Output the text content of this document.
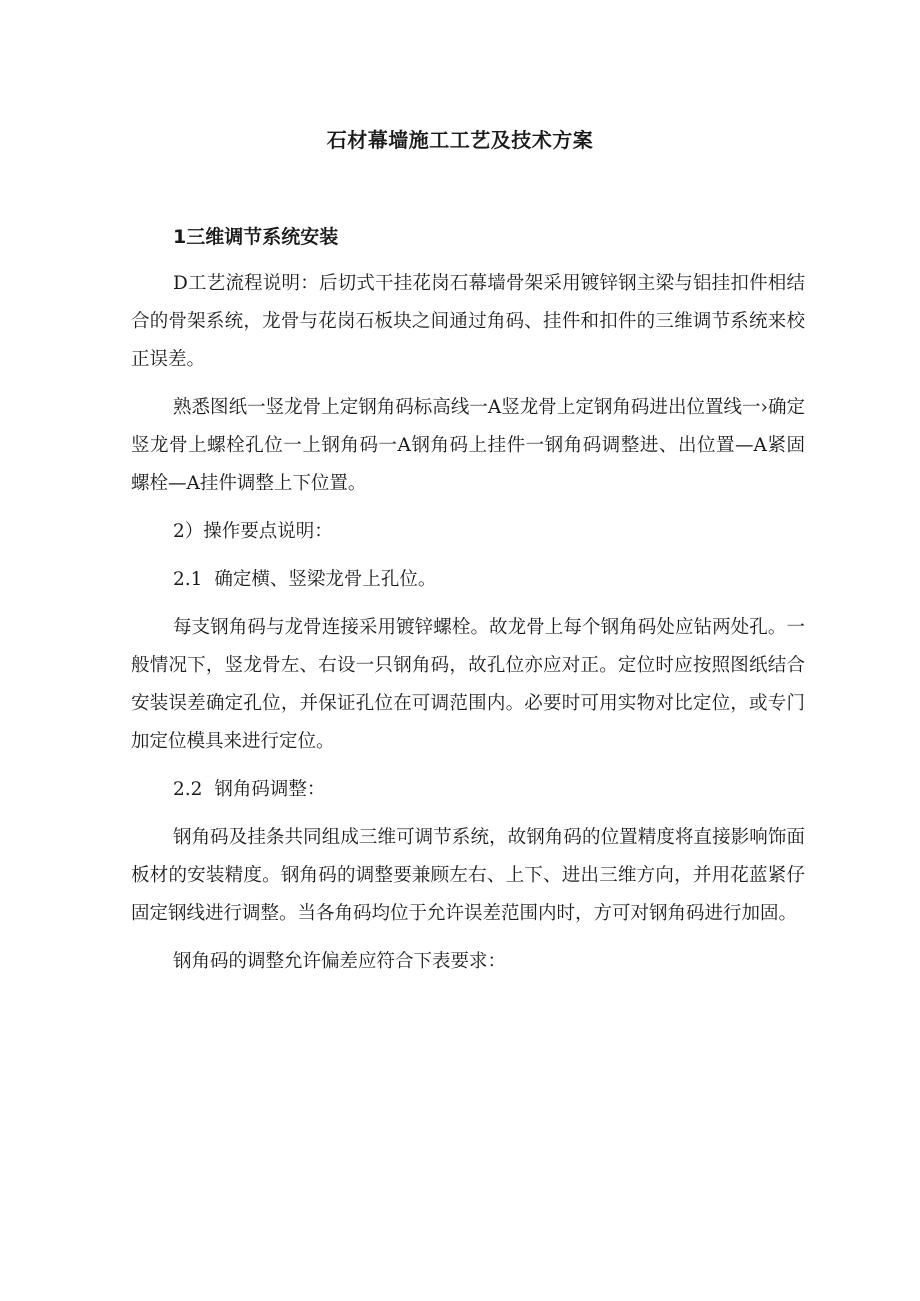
石材幕墙施工工艺及技术方案

1三维调节系统安装

D工艺流程说明：后切式干挂花岗石幕墙骨架采用镀锌钢主梁与铝挂扣件相结合的骨架系统，龙骨与花岗石板块之间通过角码、挂件和扣件的三维调节系统来校正误差。

熟悉图纸一竖龙骨上定钢角码标高线一A竖龙骨上定钢角码进出位置线一›确定竖龙骨上螺栓孔位一上钢角码一A钢角码上挂件一钢角码调整进、出位置—A紧固螺栓—A挂件调整上下位置。

2）操作要点说明：

2.1 确定横、竖梁龙骨上孔位。

每支钢角码与龙骨连接采用镀锌螺栓。故龙骨上每个钢角码处应钻两处孔。一般情况下，竖龙骨左、右设一只钢角码，故孔位亦应对正。定位时应按照图纸结合安装误差确定孔位，并保证孔位在可调范围内。必要时可用实物对比定位，或专门加定位模具来进行定位。

2.2 钢角码调整：

钢角码及挂条共同组成三维可调节系统，故钢角码的位置精度将直接影响饰面板材的安装精度。钢角码的调整要兼顾左右、上下、进出三维方向，并用花蓝紧仔固定钢线进行调整。当各角码均位于允许误差范围内时，方可对钢角码进行加固。

钢角码的调整允许偏差应符合下表要求：
